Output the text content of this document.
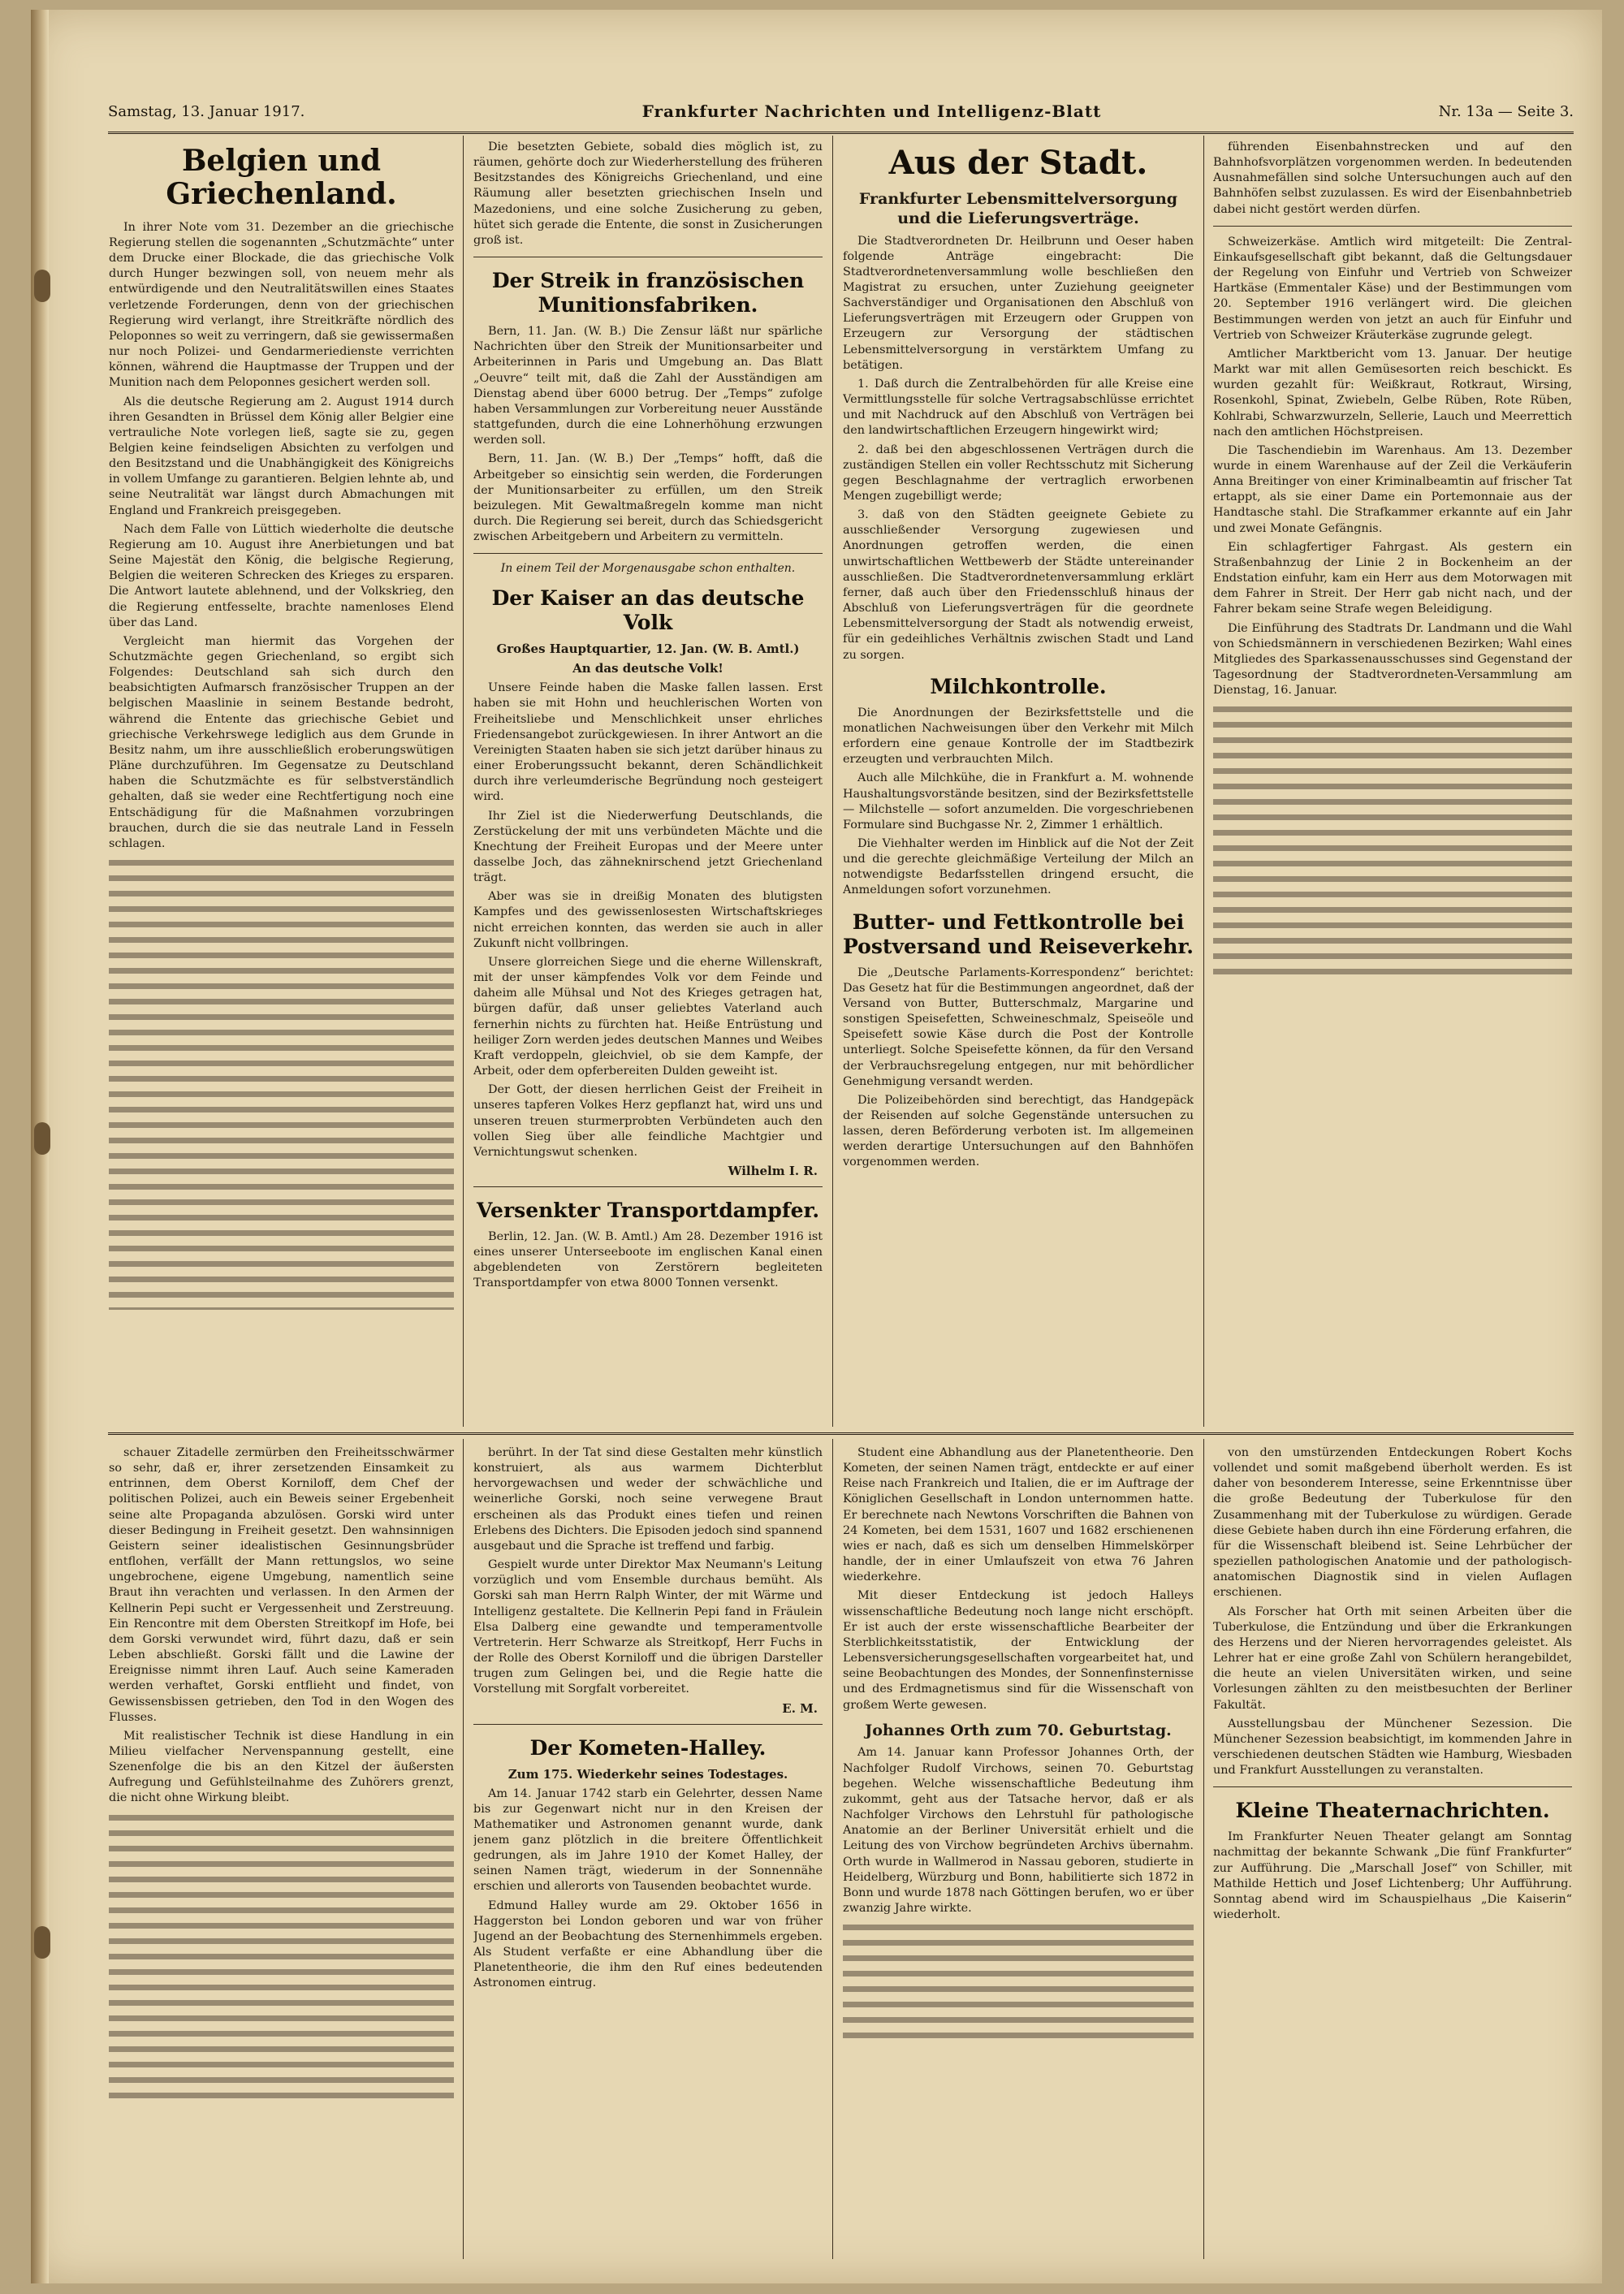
Samstag, 13. Januar 1917.	Frankfurter Nachrichten und Intelligenz-Blatt	Nr. 13a — Seite 3.
Belgien und Griechenland.

In ihrer Note vom 31. Dezember an die griechische Regierung stellen die sogenannten „Schutzmächte“ unter dem Drucke einer Blockade, die das griechische Volk durch Hunger bezwingen soll, von neuem mehr als entwürdigende und den Neutralitätswillen eines Staates verletzende Forderungen, denn von der griechischen Regierung wird verlangt, ihre Streitkräfte nördlich des Peloponnes so weit zu verringern, daß sie gewissermaßen nur noch Polizei- und Gendarmeriedienste verrichten können, während die Hauptmasse der Truppen und der Munition nach dem Peloponnes gesichert werden soll.

Als die deutsche Regierung am 2. August 1914 durch ihren Gesandten in Brüssel dem König aller Belgier eine vertrauliche Note vorlegen ließ, sagte sie zu, gegen Belgien keine feindseligen Absichten zu verfolgen und den Besitzstand und die Unabhängigkeit des Königreichs in vollem Umfange zu garantieren. Belgien lehnte ab, und seine Neutralität war längst durch Abmachungen mit England und Frankreich preisgegeben.

Nach dem Falle von Lüttich wiederholte die deutsche Regierung am 10. August ihre Anerbietungen und bat Seine Majestät den König, die belgische Regierung, Belgien die weiteren Schrecken des Krieges zu ersparen. Die Antwort lautete ablehnend, und der Volkskrieg, den die Regierung entfesselte, brachte namenloses Elend über das Land.

Vergleicht man hiermit das Vorgehen der Schutzmächte gegen Griechenland, so ergibt sich Folgendes: Deutschland sah sich durch den beabsichtigten Aufmarsch französischer Truppen an der belgischen Maaslinie in seinem Bestande bedroht, während die Entente das griechische Gebiet und griechische Verkehrswege lediglich aus dem Grunde in Besitz nahm, um ihre ausschließlich eroberungswütigen Pläne durchzuführen. Im Gegensatze zu Deutschland haben die Schutzmächte es für selbstverständlich gehalten, daß sie weder eine Rechtfertigung noch eine Entschädigung für die Maßnahmen vorzubringen brauchen, durch die sie das neutrale Land in Fesseln schlagen.

Die besetzten Gebiete, sobald dies möglich ist, zu räumen, gehörte doch zur Wiederherstellung des früheren Besitzstandes des Königreichs Griechenland, und eine Räumung aller besetzten griechischen Inseln und Mazedoniens, und eine solche Zusicherung zu geben, hütet sich gerade die Entente, die sonst in Zusicherungen groß ist.

Der Streik in französischen Munitionsfabriken.

Bern, 11. Jan. (W. B.) Die Zensur läßt nur spärliche Nachrichten über den Streik der Munitionsarbeiter und Arbeiterinnen in Paris und Umgebung an. Das Blatt „Oeuvre“ teilt mit, daß die Zahl der Ausständigen am Dienstag abend über 6000 betrug. Der „Temps“ zufolge haben Versammlungen zur Vorbereitung neuer Ausstände stattgefunden, durch die eine Lohnerhöhung erzwungen werden soll.

Bern, 11. Jan. (W. B.) Der „Temps“ hofft, daß die Arbeitgeber so einsichtig sein werden, die Forderungen der Munitionsarbeiter zu erfüllen, um den Streik beizulegen. Mit Gewaltmaßregeln komme man nicht durch. Die Regierung sei bereit, durch das Schiedsgericht zwischen Arbeitgebern und Arbeitern zu vermitteln.

In einem Teil der Morgenausgabe schon enthalten.
Der Kaiser an das deutsche Volk
Großes Hauptquartier, 12. Jan. (W. B. Amtl.)
An das deutsche Volk!

Unsere Feinde haben die Maske fallen lassen. Erst haben sie mit Hohn und heuchlerischen Worten von Freiheitsliebe und Menschlichkeit unser ehrliches Friedensangebot zurückgewiesen. In ihrer Antwort an die Vereinigten Staaten haben sie sich jetzt darüber hinaus zu einer Eroberungssucht bekannt, deren Schändlichkeit durch ihre verleumderische Begründung noch gesteigert wird.

Ihr Ziel ist die Niederwerfung Deutschlands, die Zerstückelung der mit uns verbündeten Mächte und die Knechtung der Freiheit Europas und der Meere unter dasselbe Joch, das zähneknirschend jetzt Griechenland trägt.

Aber was sie in dreißig Monaten des blutigsten Kampfes und des gewissenlosesten Wirtschaftskrieges nicht erreichen konnten, das werden sie auch in aller Zukunft nicht vollbringen.

Unsere glorreichen Siege und die eherne Willenskraft, mit der unser kämpfendes Volk vor dem Feinde und daheim alle Mühsal und Not des Krieges getragen hat, bürgen dafür, daß unser geliebtes Vaterland auch fernerhin nichts zu fürchten hat. Heiße Entrüstung und heiliger Zorn werden jedes deutschen Mannes und Weibes Kraft verdoppeln, gleichviel, ob sie dem Kampfe, der Arbeit, oder dem opferbereiten Dulden geweiht ist.

Der Gott, der diesen herrlichen Geist der Freiheit in unseres tapferen Volkes Herz gepflanzt hat, wird uns und unseren treuen sturmerprobten Verbündeten auch den vollen Sieg über alle feindliche Machtgier und Vernichtungswut schenken.

Wilhelm I. R.
Versenkter Transportdampfer.

Berlin, 12. Jan. (W. B. Amtl.) Am 28. Dezember 1916 ist eines unserer Unterseeboote im englischen Kanal einen abgeblendeten von Zerstörern begleiteten Transportdampfer von etwa 8000 Tonnen versenkt.

Aus der Stadt.
Frankfurter Lebensmittelversorgung und die Lieferungsverträge.

Die Stadtverordneten Dr. Heilbrunn und Oeser haben folgende Anträge eingebracht: Die Stadtverordnetenversammlung wolle beschließen den Magistrat zu ersuchen, unter Zuziehung geeigneter Sachverständiger und Organisationen den Abschluß von Lieferungsverträgen mit Erzeugern oder Gruppen von Erzeugern zur Versorgung der städtischen Lebensmittelversorgung in verstärktem Umfang zu betätigen.

1. Daß durch die Zentralbehörden für alle Kreise eine Vermittlungsstelle für solche Vertragsabschlüsse errichtet und mit Nachdruck auf den Abschluß von Verträgen bei den landwirtschaftlichen Erzeugern hingewirkt wird;

2. daß bei den abgeschlossenen Verträgen durch die zuständigen Stellen ein voller Rechtsschutz mit Sicherung gegen Beschlagnahme der vertraglich erworbenen Mengen zugebilligt werde;

3. daß von den Städten geeignete Gebiete zu ausschließender Versorgung zugewiesen und Anordnungen getroffen werden, die einen unwirtschaftlichen Wettbewerb der Städte untereinander ausschließen. Die Stadtverordnetenversammlung erklärt ferner, daß auch über den Friedensschluß hinaus der Abschluß von Lieferungsverträgen für die geordnete Lebensmittelversorgung der Stadt als notwendig erweist, für ein gedeihliches Verhältnis zwischen Stadt und Land zu sorgen.

Milchkontrolle.

Die Anordnungen der Bezirksfettstelle und die monatlichen Nachweisungen über den Verkehr mit Milch erfordern eine genaue Kontrolle der im Stadtbezirk erzeugten und verbrauchten Milch.

Auch alle Milchkühe, die in Frankfurt a. M. wohnende Haushaltungsvorstände besitzen, sind der Bezirksfettstelle — Milchstelle — sofort anzumelden. Die vorgeschriebenen Formulare sind Buchgasse Nr. 2, Zimmer 1 erhältlich.

Die Viehhalter werden im Hinblick auf die Not der Zeit und die gerechte gleichmäßige Verteilung der Milch an notwendigste Bedarfsstellen dringend ersucht, die Anmeldungen sofort vorzunehmen.

Butter- und Fettkontrolle bei Postversand und Reiseverkehr.

Die „Deutsche Parlaments-Korrespondenz“ berichtet: Das Gesetz hat für die Bestimmungen angeordnet, daß der Versand von Butter, Butterschmalz, Margarine und sonstigen Speisefetten, Schweineschmalz, Speiseöle und Speisefett sowie Käse durch die Post der Kontrolle unterliegt. Solche Speisefette können, da für den Versand der Verbrauchsregelung entgegen, nur mit behördlicher Genehmigung versandt werden.

Die Polizeibehörden sind berechtigt, das Handgepäck der Reisenden auf solche Gegenstände untersuchen zu lassen, deren Beförderung verboten ist. Im allgemeinen werden derartige Untersuchungen auf den Bahnhöfen vorgenommen werden.

führenden Eisenbahnstrecken und auf den Bahnhofsvorplätzen vorgenommen werden. In bedeutenden Ausnahmefällen sind solche Untersuchungen auch auf den Bahnhöfen selbst zuzulassen. Es wird der Eisenbahnbetrieb dabei nicht gestört werden dürfen.

Schweizerkäse. Amtlich wird mitgeteilt: Die Zentral-Einkaufsgesellschaft gibt bekannt, daß die Geltungsdauer der Regelung von Einfuhr und Vertrieb von Schweizer Hartkäse (Emmentaler Käse) und der Bestimmungen vom 20. September 1916 verlängert wird. Die gleichen Bestimmungen werden von jetzt an auch für Einfuhr und Vertrieb von Schweizer Kräuterkäse zugrunde gelegt.

Amtlicher Marktbericht vom 13. Januar. Der heutige Markt war mit allen Gemüsesorten reich beschickt. Es wurden gezahlt für: Weißkraut, Rotkraut, Wirsing, Rosenkohl, Spinat, Zwiebeln, Gelbe Rüben, Rote Rüben, Kohlrabi, Schwarzwurzeln, Sellerie, Lauch und Meerrettich nach den amtlichen Höchstpreisen.

Die Taschendiebin im Warenhaus. Am 13. Dezember wurde in einem Warenhause auf der Zeil die Verkäuferin Anna Breitinger von einer Kriminalbeamtin auf frischer Tat ertappt, als sie einer Dame ein Portemonnaie aus der Handtasche stahl. Die Strafkammer erkannte auf ein Jahr und zwei Monate Gefängnis.

Ein schlagfertiger Fahrgast. Als gestern ein Straßenbahnzug der Linie 2 in Bockenheim an der Endstation einfuhr, kam ein Herr aus dem Motorwagen mit dem Fahrer in Streit. Der Herr gab nicht nach, und der Fahrer bekam seine Strafe wegen Beleidigung.

Die Einführung des Stadtrats Dr. Landmann und die Wahl von Schiedsmännern in verschiedenen Bezirken; Wahl eines Mitgliedes des Sparkassenausschusses sind Gegenstand der Tagesordnung der Stadtverordneten-Versammlung am Dienstag, 16. Januar.

schauer Zitadelle zermürben den Freiheitsschwärmer so sehr, daß er, ihrer zersetzenden Einsamkeit zu entrinnen, dem Oberst Korniloff, dem Chef der politischen Polizei, auch ein Beweis seiner Ergebenheit seine alte Propaganda abzulösen. Gorski wird unter dieser Bedingung in Freiheit gesetzt. Den wahnsinnigen Geistern seiner idealistischen Gesinnungsbrüder entflohen, verfällt der Mann rettungslos, wo seine ungebrochene, eigene Umgebung, namentlich seine Braut ihn verachten und verlassen. In den Armen der Kellnerin Pepi sucht er Vergessenheit und Zerstreuung. Ein Rencontre mit dem Obersten Streitkopf im Hofe, bei dem Gorski verwundet wird, führt dazu, daß er sein Leben abschließt. Gorski fällt und die Lawine der Ereignisse nimmt ihren Lauf. Auch seine Kameraden werden verhaftet, Gorski entflieht und findet, von Gewissensbissen getrieben, den Tod in den Wogen des Flusses.

Mit realistischer Technik ist diese Handlung in ein Milieu vielfacher Nervenspannung gestellt, eine Szenenfolge die bis an den Kitzel der äußersten Aufregung und Gefühlsteilnahme des Zuhörers grenzt, die nicht ohne Wirkung bleibt.

berührt. In der Tat sind diese Gestalten mehr künstlich konstruiert, als aus warmem Dichterblut hervorgewachsen und weder der schwächliche und weinerliche Gorski, noch seine verwegene Braut erscheinen als das Produkt eines tiefen und reinen Erlebens des Dichters. Die Episoden jedoch sind spannend ausgebaut und die Sprache ist treffend und farbig.

Gespielt wurde unter Direktor Max Neumann's Leitung vorzüglich und vom Ensemble durchaus bemüht. Als Gorski sah man Herrn Ralph Winter, der mit Wärme und Intelligenz gestaltete. Die Kellnerin Pepi fand in Fräulein Elsa Dalberg eine gewandte und temperamentvolle Vertreterin. Herr Schwarze als Streitkopf, Herr Fuchs in der Rolle des Oberst Korniloff und die übrigen Darsteller trugen zum Gelingen bei, und die Regie hatte die Vorstellung mit Sorgfalt vorbereitet.

E. M.
Der Kometen-Halley.
Zum 175. Wiederkehr seines Todestages.

Am 14. Januar 1742 starb ein Gelehrter, dessen Name bis zur Gegenwart nicht nur in den Kreisen der Mathematiker und Astronomen genannt wurde, dank jenem ganz plötzlich in die breitere Öffentlichkeit gedrungen, als im Jahre 1910 der Komet Halley, der seinen Namen trägt, wiederum in der Sonnennähe erschien und allerorts von Tausenden beobachtet wurde.

Edmund Halley wurde am 29. Oktober 1656 in Haggerston bei London geboren und war von früher Jugend an der Beobachtung des Sternenhimmels ergeben. Als Student verfaßte er eine Abhandlung über die Planetentheorie, die ihm den Ruf eines bedeutenden Astronomen eintrug.

Student eine Abhandlung aus der Planetentheorie. Den Kometen, der seinen Namen trägt, entdeckte er auf einer Reise nach Frankreich und Italien, die er im Auftrage der Königlichen Gesellschaft in London unternommen hatte. Er berechnete nach Newtons Vorschriften die Bahnen von 24 Kometen, bei dem 1531, 1607 und 1682 erschienenen wies er nach, daß es sich um denselben Himmelskörper handle, der in einer Umlaufszeit von etwa 76 Jahren wiederkehre.

Mit dieser Entdeckung ist jedoch Halleys wissenschaftliche Bedeutung noch lange nicht erschöpft. Er ist auch der erste wissenschaftliche Bearbeiter der Sterblichkeitsstatistik, der Entwicklung der Lebensversicherungsgesellschaften vorgearbeitet hat, und seine Beobachtungen des Mondes, der Sonnenfinsternisse und des Erdmagnetismus sind für die Wissenschaft von großem Werte gewesen.

Johannes Orth zum 70. Geburtstag.

Am 14. Januar kann Professor Johannes Orth, der Nachfolger Rudolf Virchows, seinen 70. Geburtstag begehen. Welche wissenschaftliche Bedeutung ihm zukommt, geht aus der Tatsache hervor, daß er als Nachfolger Virchows den Lehrstuhl für pathologische Anatomie an der Berliner Universität erhielt und die Leitung des von Virchow begründeten Archivs übernahm. Orth wurde in Wallmerod in Nassau geboren, studierte in Heidelberg, Würzburg und Bonn, habilitierte sich 1872 in Bonn und wurde 1878 nach Göttingen berufen, wo er über zwanzig Jahre wirkte.

von den umstürzenden Entdeckungen Robert Kochs vollendet und somit maßgebend überholt werden. Es ist daher von besonderem Interesse, seine Erkenntnisse über die große Bedeutung der Tuberkulose für den Zusammenhang mit der Tuberkulose zu würdigen. Gerade diese Gebiete haben durch ihn eine Förderung erfahren, die für die Wissenschaft bleibend ist. Seine Lehrbücher der speziellen pathologischen Anatomie und der pathologisch-anatomischen Diagnostik sind in vielen Auflagen erschienen.

Als Forscher hat Orth mit seinen Arbeiten über die Tuberkulose, die Entzündung und über die Erkrankungen des Herzens und der Nieren hervorragendes geleistet. Als Lehrer hat er eine große Zahl von Schülern herangebildet, die heute an vielen Universitäten wirken, und seine Vorlesungen zählten zu den meistbesuchten der Berliner Fakultät.

Ausstellungsbau der Münchener Sezession. Die Münchener Sezession beabsichtigt, im kommenden Jahre in verschiedenen deutschen Städten wie Hamburg, Wiesbaden und Frankfurt Ausstellungen zu veranstalten.

Kleine Theaternachrichten.

Im Frankfurter Neuen Theater gelangt am Sonntag nachmittag der bekannte Schwank „Die fünf Frankfurter“ zur Aufführung. Die „Marschall Josef“ von Schiller, mit Mathilde Hettich und Josef Lichtenberg; Uhr Aufführung. Sonntag abend wird im Schauspielhaus „Die Kaiserin“ wiederholt.
